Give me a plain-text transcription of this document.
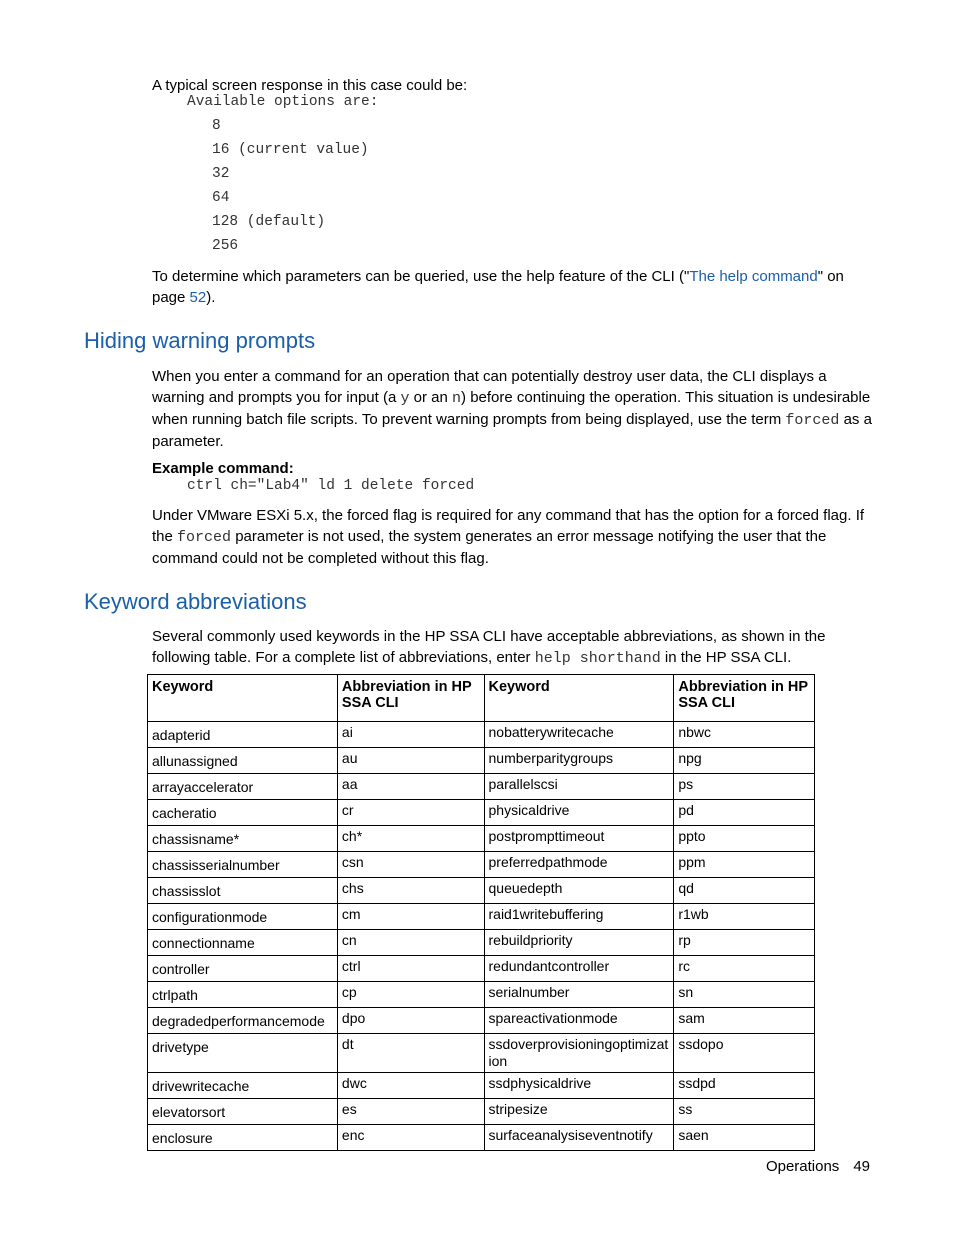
A typical screen response in this case could be:

Available options are:
8
16 (current value)
32
64
128 (default)
256

To determine which parameters can be queried, use the help feature of the CLI ("The help command" on page 52).

Hiding warning prompts

When you enter a command for an operation that can potentially destroy user data, the CLI displays a warning and prompts you for input (a y or an n) before continuing the operation. This situation is undesirable when running batch file scripts. To prevent warning prompts from being displayed, use the term forced as a parameter.

Example command:
ctrl ch="Lab4" ld 1 delete forced

Under VMware ESXi 5.x, the forced flag is required for any command that has the option for a forced flag. If the forced parameter is not used, the system generates an error message notifying the user that the command could not be completed without this flag.

Keyword abbreviations

Several commonly used keywords in the HP SSA CLI have acceptable abbreviations, as shown in the following table. For a complete list of abbreviations, enter help shorthand in the HP SSA CLI.

Keyword	Abbreviation in HP SSA CLI	Keyword	Abbreviation in HP SSA CLI
adapterid	ai	nobatterywritecache	nbwc
allunassigned	au	numberparitygroups	npg
arrayaccelerator	aa	parallelscsi	ps
cacheratio	cr	physicaldrive	pd
chassisname*	ch*	postprompttimeout	ppto
chassisserialnumber	csn	preferredpathmode	ppm
chassisslot	chs	queuedepth	qd
configurationmode	cm	raid1writebuffering	r1wb
connectionname	cn	rebuildpriority	rp
controller	ctrl	redundantcontroller	rc
ctrlpath	cp	serialnumber	sn
degradedperformancemode	dpo	spareactivationmode	sam
drivetype	dt	ssdoverprovisioningoptimization	ssdopo
drivewritecache	dwc	ssdphysicaldrive	ssdpd
elevatorsort	es	stripesize	ss
enclosure	enc	surfaceanalysiseventnotify	saen
Operations 49
